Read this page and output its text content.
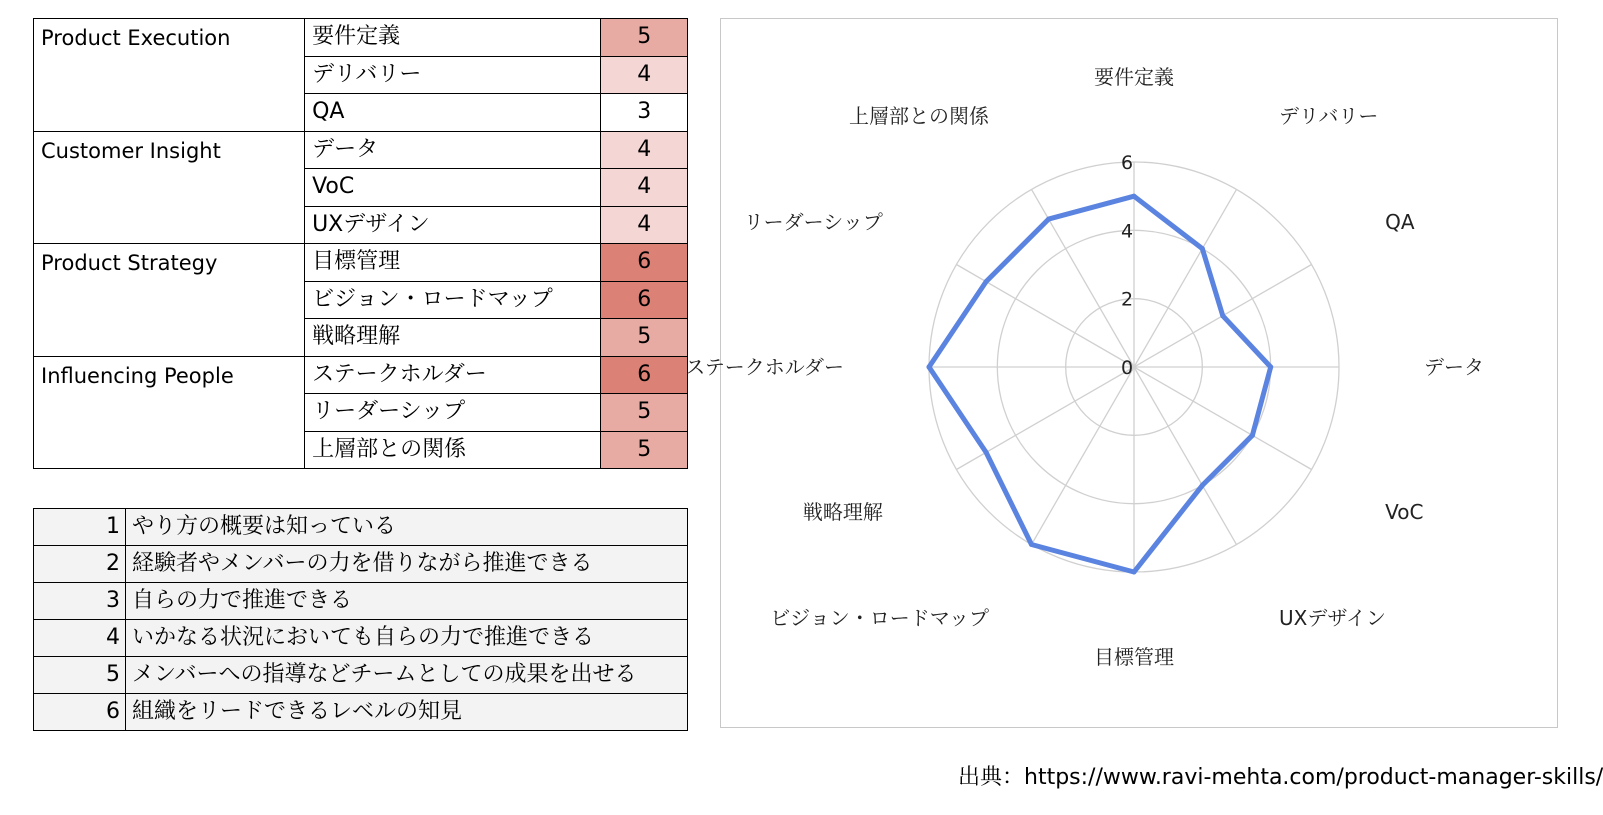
Product Execution	要件定義	5
	デリバリー	4
	QA	3
Customer Insight	データ	4
	VoC	4
	UXデザイン	4
Product Strategy	目標管理	6
	ビジョン・ロードマップ	6
	戦略理解	5
Influencing People	ステークホルダー	6
	リーダーシップ	5
	上層部との関係	5
1	やり方の概要は知っている
2	経験者やメンバーの力を借りながら推進できる
3	自らの力で推進できる
4	いかなる状況においても自らの力で推進できる
5	メンバーへの指導などチームとしての成果を出せる
6	組織をリードできるレベルの知見
0
2
4
6
要件定義
デリバリー
QA
データ
VoC
UXデザイン
目標管理
ビジョン・ロードマップ
戦略理解
ステークホルダー
リーダーシップ
上層部との関係
出典：https://www.ravi-mehta.com/product-manager-skills/
